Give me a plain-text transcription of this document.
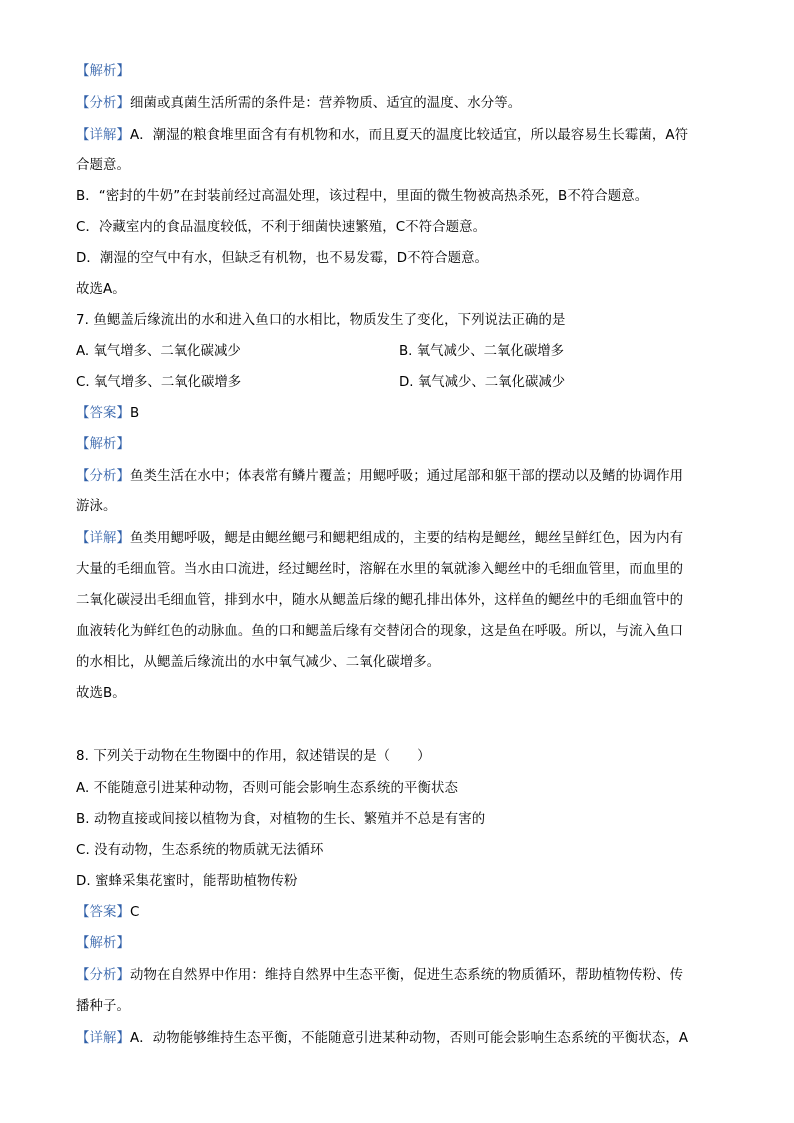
【解析】
【分析】细菌或真菌生活所需的条件是：营养物质、适宜的温度、水分等。
【详解】A．潮湿的粮食堆里面含有有机物和水，而且夏天的温度比较适宜，所以最容易生长霉菌，A符
合题意。
B．“密封的牛奶”在封装前经过高温处理，该过程中，里面的微生物被高热杀死，B不符合题意。
C．冷藏室内的食品温度较低，不利于细菌快速繁殖，C不符合题意。
D．潮湿的空气中有水，但缺乏有机物，也不易发霉，D不符合题意。
故选A。
7. 鱼鳃盖后缘流出的水和进入鱼口的水相比，物质发生了变化，下列说法正确的是
A. 氧气增多、二氧化碳减少	B. 氧气减少、二氧化碳增多
C. 氧气增多、二氧化碳增多	D. 氧气减少、二氧化碳减少
【答案】B
【解析】
【分析】鱼类生活在水中；体表常有鳞片覆盖；用鳃呼吸；通过尾部和躯干部的摆动以及鳍的协调作用
游泳。
【详解】鱼类用鳃呼吸，鳃是由鳃丝鳃弓和鳃耙组成的，主要的结构是鳃丝，鳃丝呈鲜红色，因为内有
大量的毛细血管。当水由口流进，经过鳃丝时，溶解在水里的氧就渗入鳃丝中的毛细血管里，而血里的
二氧化碳浸出毛细血管，排到水中，随水从鳃盖后缘的鳃孔排出体外，这样鱼的鳃丝中的毛细血管中的
血液转化为鲜红色的动脉血。鱼的口和鳃盖后缘有交替闭合的现象，这是鱼在呼吸。所以，与流入鱼口
的水相比，从鳃盖后缘流出的水中氧气减少、二氧化碳增多。
故选B。
8. 下列关于动物在生物圈中的作用，叙述错误的是（　　）
A. 不能随意引进某种动物，否则可能会影响生态系统的平衡状态
B. 动物直接或间接以植物为食，对植物的生长、繁殖并不总是有害的
C. 没有动物，生态系统的物质就无法循环
D. 蜜蜂采集花蜜时，能帮助植物传粉
【答案】C
【解析】
【分析】动物在自然界中作用：维持自然界中生态平衡，促进生态系统的物质循环，帮助植物传粉、传
播种子。
【详解】A．动物能够维持生态平衡，不能随意引进某种动物，否则可能会影响生态系统的平衡状态，A
